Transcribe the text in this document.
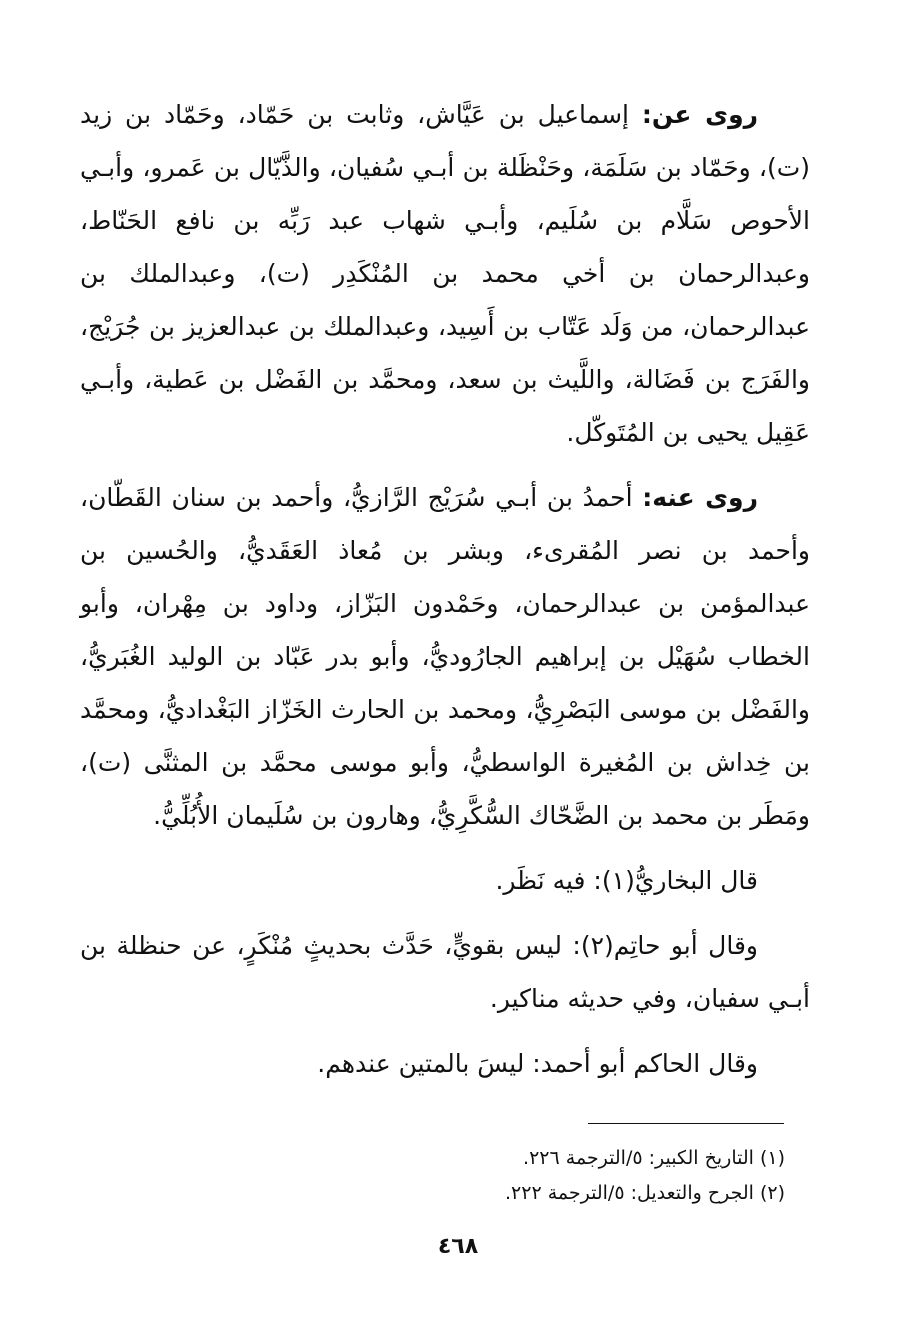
روى عن: إسماعيل بن عَيَّاش، وثابت بن حَمّاد، وحَمّاد بن زيد (ت)، وحَمّاد بن سَلَمَة، وحَنْظَلة بن أبـي سُفيان، والذَّيّال بن عَمرو، وأبـي الأحوص سَلَّام بن سُلَيم، وأبـي شهاب عبد رَبِّه بن نافع الحَنّاط، وعبدالرحمان بن أخي محمد بن المُنْكَدِر (ت)، وعبدالملك بن عبدالرحمان، من وَلَد عَتّاب بن أَسِيد، وعبدالملك بن عبدالعزيز بن جُرَيْج، والفَرَج بن فَضَالة، واللَّيث بن سعد، ومحمَّد بن الفَضْل بن عَطية، وأبـي عَقِيل يحيى بن المُتَوكّل.

روى عنه: أحمدُ بن أبـي سُرَيْج الرَّازيُّ، وأحمد بن سنان القَطّان، وأحمد بن نصر المُقرىء، وبشر بن مُعاذ العَقَديُّ، والحُسين بن عبدالمؤمن بن عبدالرحمان، وحَمْدون البَزّاز، وداود بن مِهْران، وأبو الخطاب سُهَيْل بن إبراهيم الجارُوديُّ، وأبو بدر عَبّاد بن الوليد الغُبَريُّ، والفَضْل بن موسى البَصْرِيُّ، ومحمد بن الحارث الخَزّاز البَغْداديُّ، ومحمَّد بن خِداش بن المُغيرة الواسطيُّ، وأبو موسى محمَّد بن المثنَّى (ت)، ومَطَر بن محمد بن الضَّحّاك السُّكَّرِيُّ، وهارون بن سُلَيمان الأُبُلِّيُّ.

قال البخاريُّ(١): فيه نَظَر.

وقال أبو حاتِم(٢): ليس بقويٍّ، حَدَّث بحديثٍ مُنْكَرٍ، عن حنظلة بن أبـي سفيان، وفي حديثه مناكير.

وقال الحاكم أبو أحمد: ليسَ بالمتين عندهم.

(١) التاريخ الكبير: ٥/الترجمة ٢٢٦.

(٢) الجرح والتعديل: ٥/الترجمة ٢٢٢.

٤٦٨
